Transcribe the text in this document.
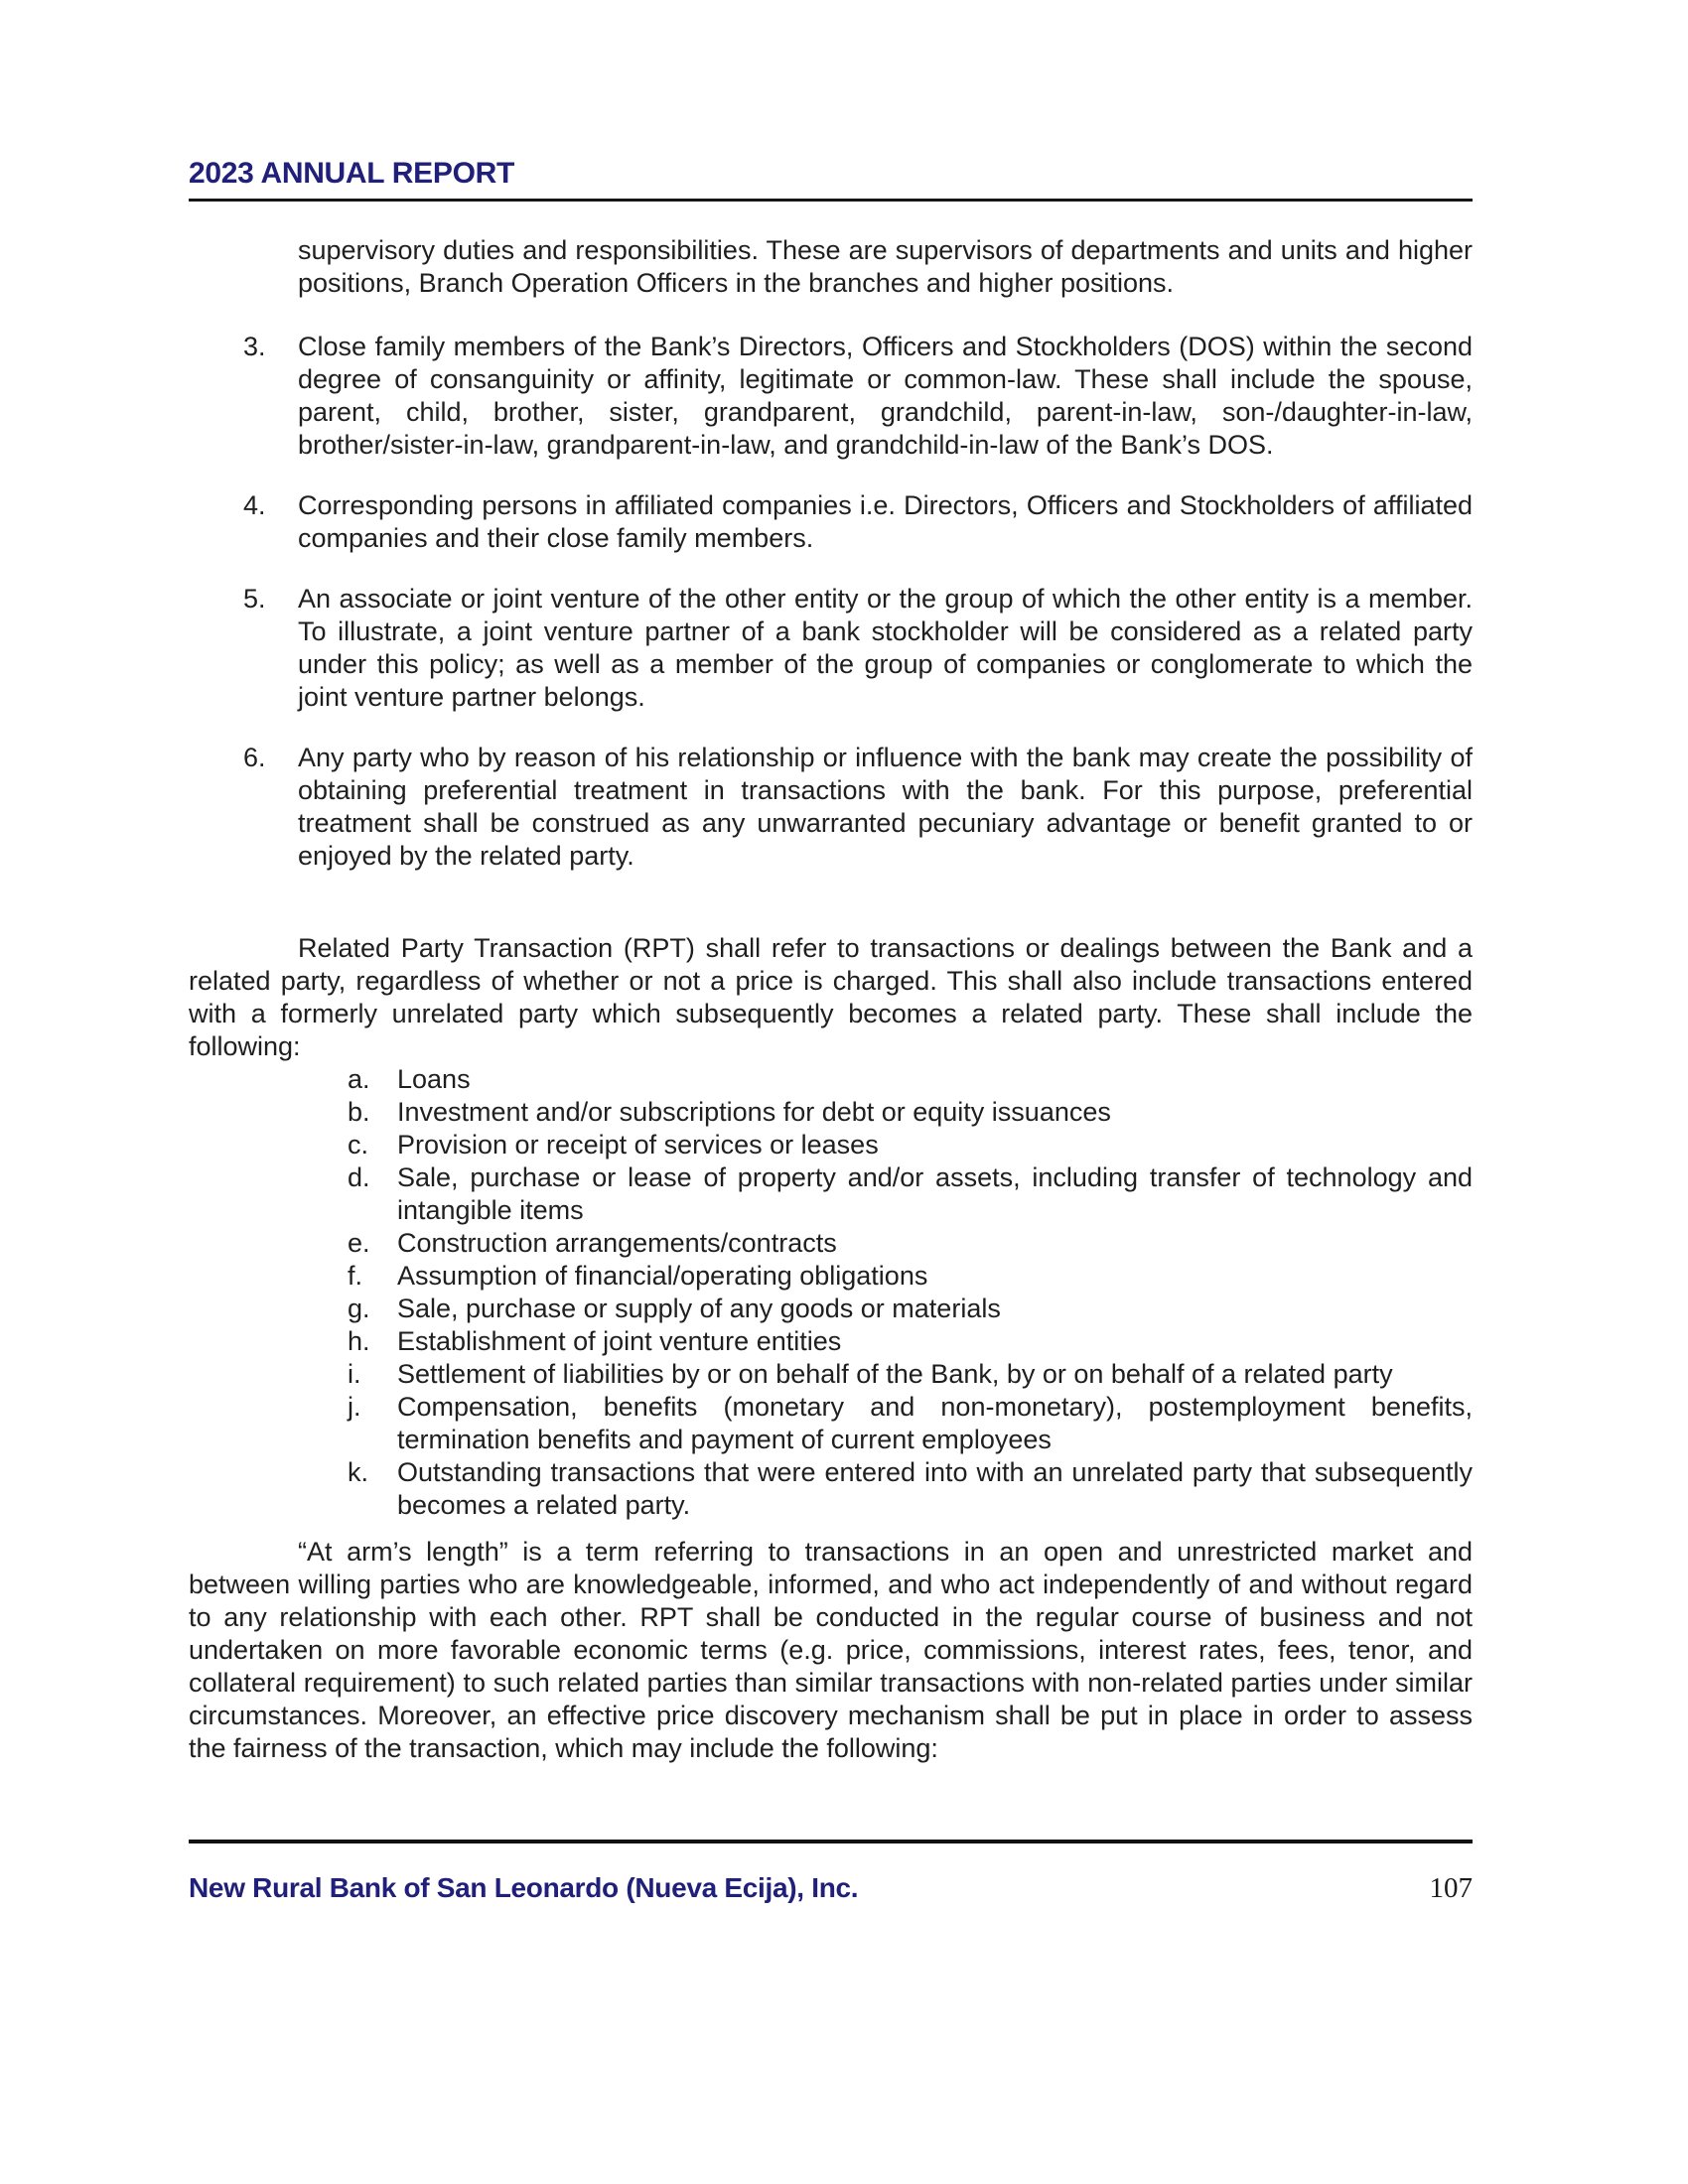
2023 ANNUAL REPORT

supervisory duties and responsibilities. These are supervisors of departments and units and higher positions, Branch Operation Officers in the branches and higher positions.

3. Close family members of the Bank’s Directors, Officers and Stockholders (DOS) within the second degree of consanguinity or affinity, legitimate or common-law. These shall include the spouse, parent, child, brother, sister, grandparent, grandchild, parent-in-law, son-/daughter-in-law, brother/sister-in-law, grandparent-in-law, and grandchild-in-law of the Bank’s DOS.
4. Corresponding persons in affiliated companies i.e. Directors, Officers and Stockholders of affiliated companies and their close family members.
5. An associate or joint venture of the other entity or the group of which the other entity is a member. To illustrate, a joint venture partner of a bank stockholder will be considered as a related party under this policy; as well as a member of the group of companies or conglomerate to which the joint venture partner belongs.
6. Any party who by reason of his relationship or influence with the bank may create the possibility of obtaining preferential treatment in transactions with the bank. For this purpose, preferential treatment shall be construed as any unwarranted pecuniary advantage or benefit granted to or enjoyed by the related party.

Related Party Transaction (RPT) shall refer to transactions or dealings between the Bank and a related party, regardless of whether or not a price is charged. This shall also include transactions entered with a formerly unrelated party which subsequently becomes a related party. These shall include the following:

a. Loans
b. Investment and/or subscriptions for debt or equity issuances
c. Provision or receipt of services or leases
d. Sale, purchase or lease of property and/or assets, including transfer of technology and intangible items
e. Construction arrangements/contracts
f. Assumption of financial/operating obligations
g. Sale, purchase or supply of any goods or materials
h. Establishment of joint venture entities
i. Settlement of liabilities by or on behalf of the Bank, by or on behalf of a related party
j. Compensation, benefits (monetary and non-monetary), postemployment benefits, termination benefits and payment of current employees
k. Outstanding transactions that were entered into with an unrelated party that subsequently becomes a related party.

“At arm’s length” is a term referring to transactions in an open and unrestricted market and between willing parties who are knowledgeable, informed, and who act independently of and without regard to any relationship with each other. RPT shall be conducted in the regular course of business and not undertaken on more favorable economic terms (e.g. price, commissions, interest rates, fees, tenor, and collateral requirement) to such related parties than similar transactions with non-related parties under similar circumstances. Moreover, an effective price discovery mechanism shall be put in place in order to assess the fairness of the transaction, which may include the following:

New Rural Bank of San Leonardo (Nueva Ecija), Inc.	107
